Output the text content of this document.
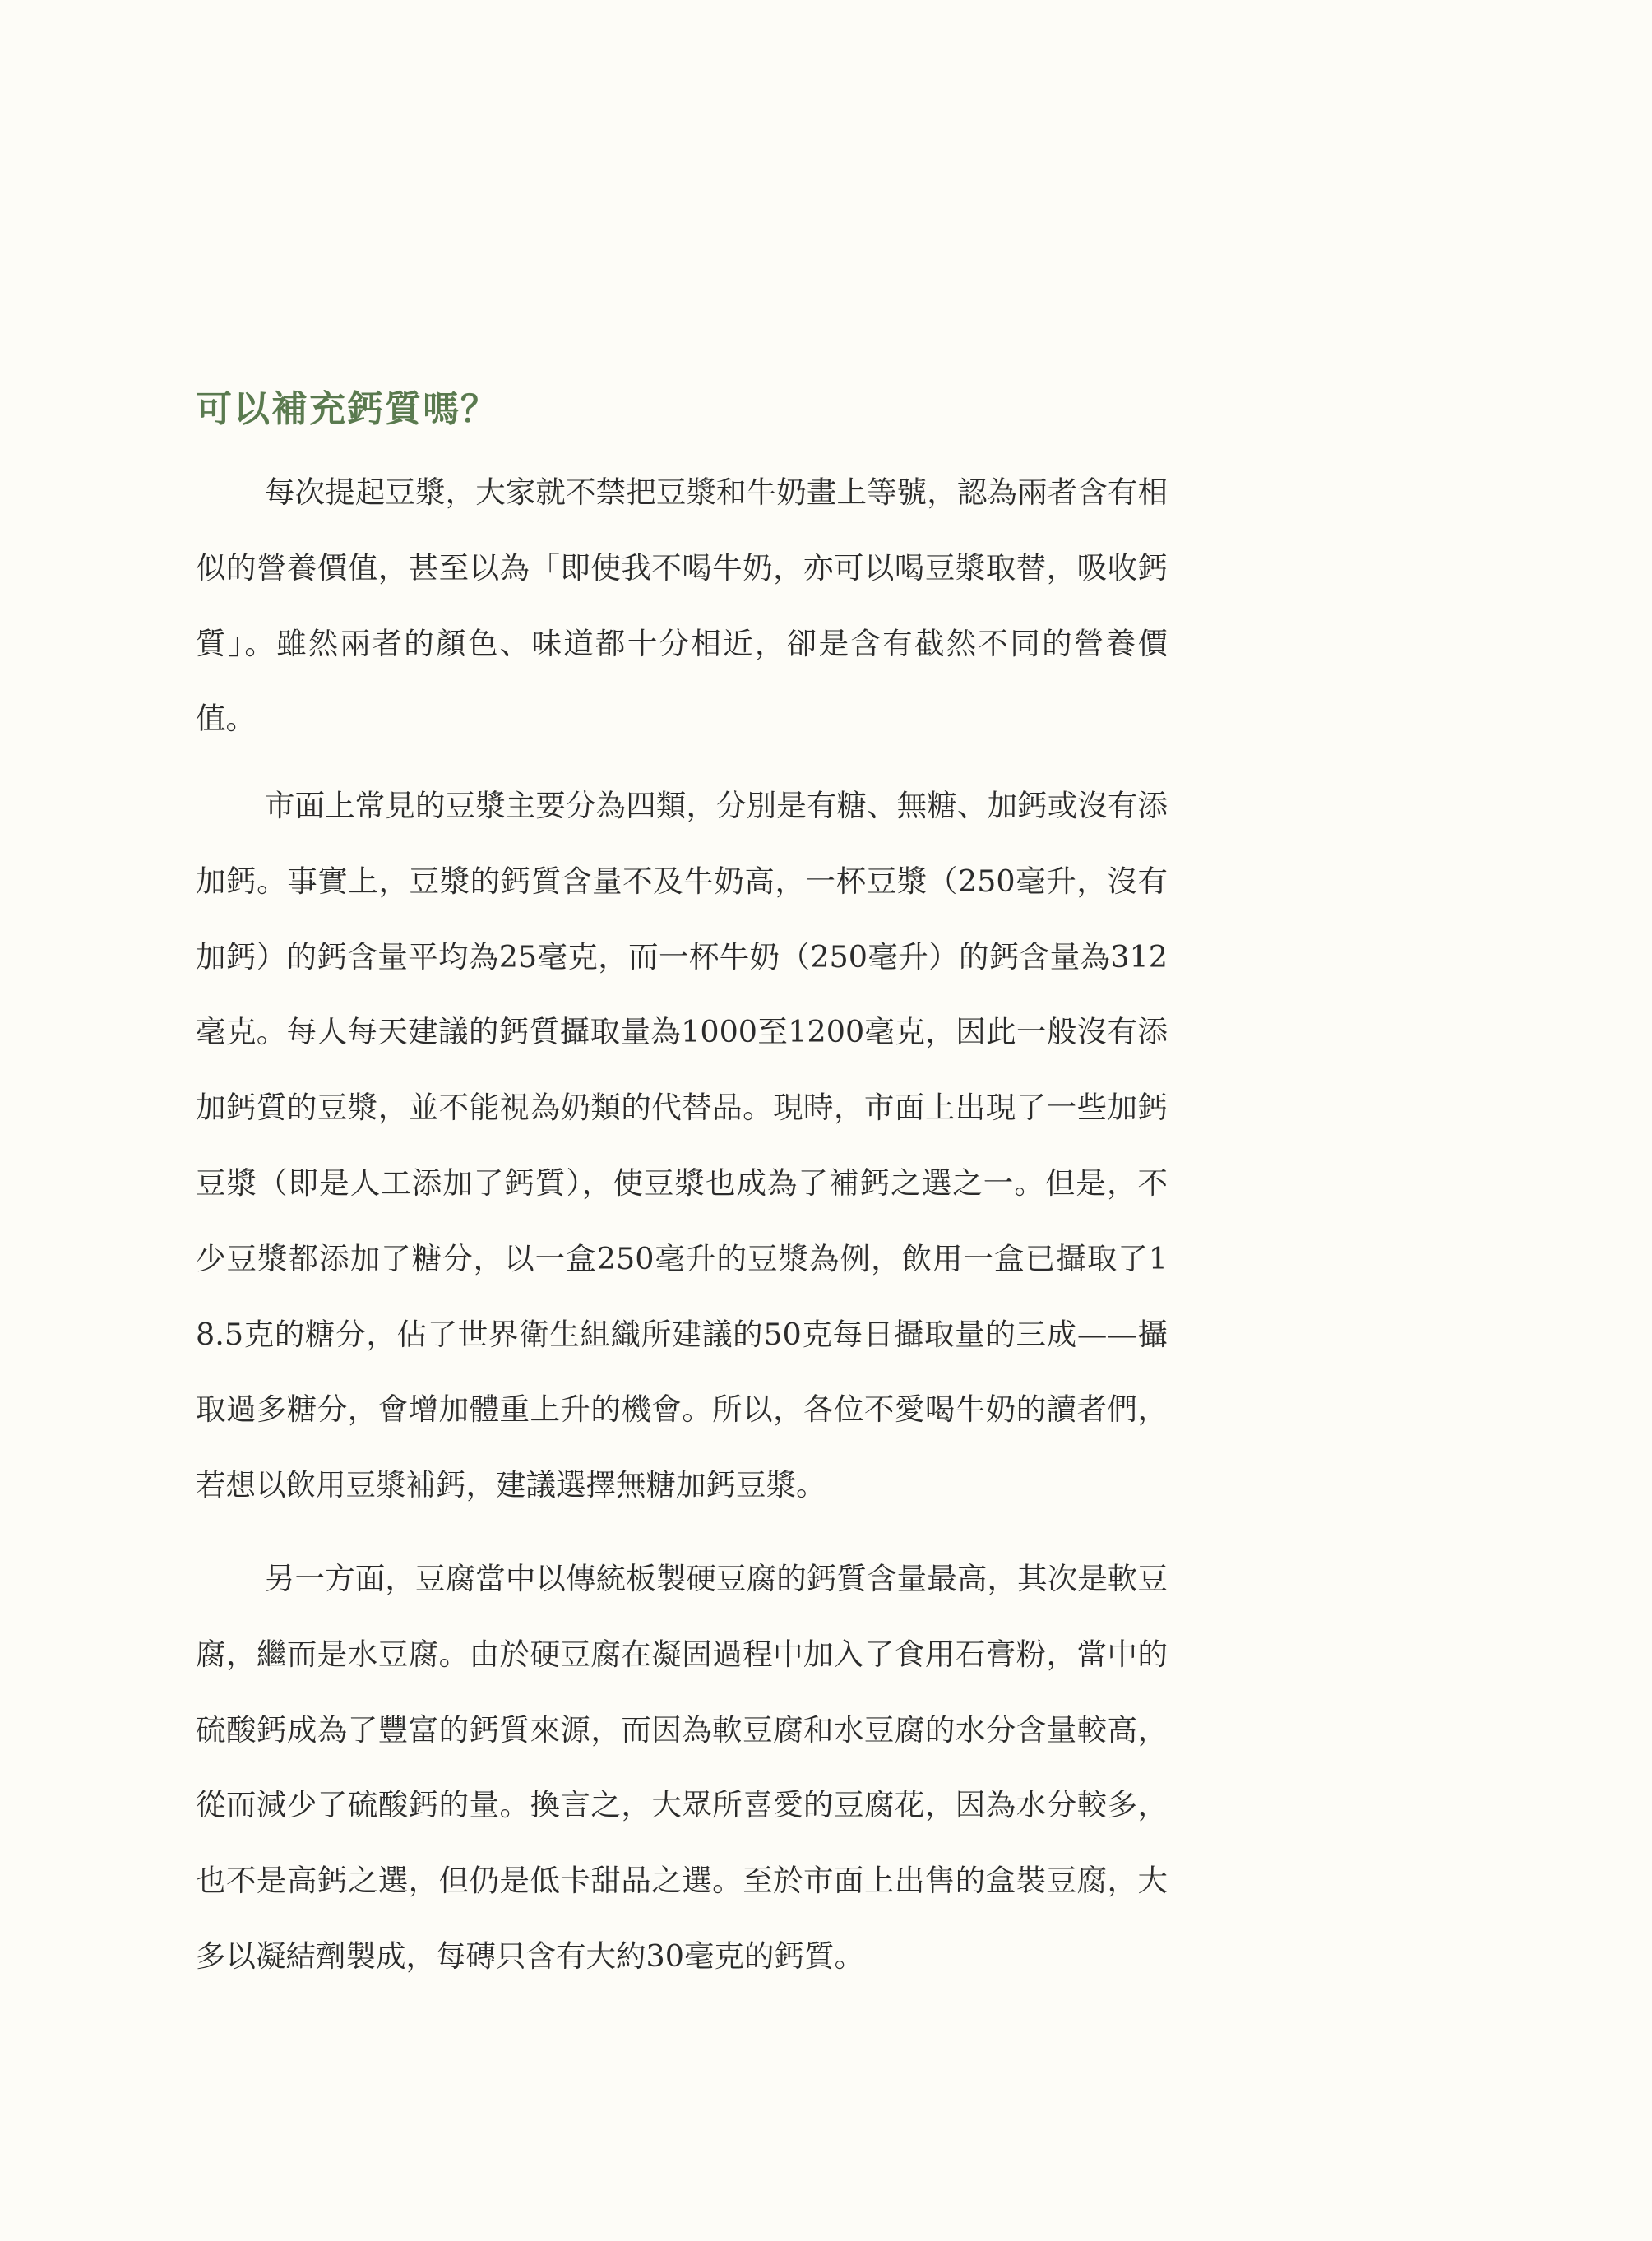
可以補充鈣質嗎？

每次提起豆漿，大家就不禁把豆漿和牛奶畫上等號，認為兩者含有相似的營養價值，甚至以為「即使我不喝牛奶，亦可以喝豆漿取替，吸收鈣質」。雖然兩者的顏色、味道都十分相近，卻是含有截然不同的營養價值。

市面上常見的豆漿主要分為四類，分別是有糖、無糖、加鈣或沒有添加鈣。事實上，豆漿的鈣質含量不及牛奶高，一杯豆漿（250毫升，沒有加鈣）的鈣含量平均為25毫克，而一杯牛奶（250毫升）的鈣含量為312毫克。每人每天建議的鈣質攝取量為1000至1200毫克，因此一般沒有添加鈣質的豆漿，並不能視為奶類的代替品。現時，市面上出現了一些加鈣豆漿（即是人工添加了鈣質），使豆漿也成為了補鈣之選之一。但是，不少豆漿都添加了糖分，以一盒250毫升的豆漿為例，飲用一盒已攝取了18.5克的糖分，佔了世界衛生組織所建議的50克每日攝取量的三成——攝取過多糖分，會增加體重上升的機會。所以，各位不愛喝牛奶的讀者們，若想以飲用豆漿補鈣，建議選擇無糖加鈣豆漿。

另一方面，豆腐當中以傳統板製硬豆腐的鈣質含量最高，其次是軟豆腐，繼而是水豆腐。由於硬豆腐在凝固過程中加入了食用石膏粉，當中的硫酸鈣成為了豐富的鈣質來源，而因為軟豆腐和水豆腐的水分含量較高，從而減少了硫酸鈣的量。換言之，大眾所喜愛的豆腐花，因為水分較多，也不是高鈣之選，但仍是低卡甜品之選。至於市面上出售的盒裝豆腐，大多以凝結劑製成，每磚只含有大約30毫克的鈣質。
